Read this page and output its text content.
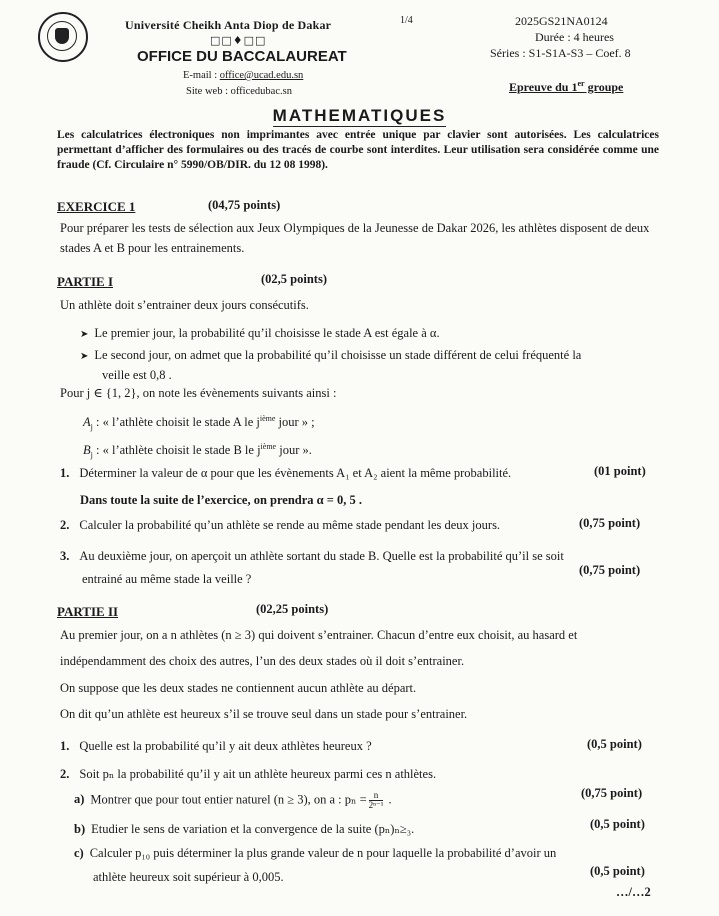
Université Cheikh Anta Diop de Dakar
□□♦□□
OFFICE DU BACCALAUREAT
E-mail : office@ucad.edu.sn
Site web : officedubac.sn
1/4	2025GS21NA0124
Durée : 4 heures
Séries : S1-S1A-S3 – Coef. 8
Epreuve du 1er groupe
MATHEMATIQUES
Les calculatrices électroniques non imprimantes avec entrée unique par clavier sont autorisées. Les calculatrices permettant d’afficher des formulaires ou des tracés de courbe sont interdites. Leur utilisation sera considérée comme une fraude (Cf. Circulaire n° 5990/OB/DIR. du 12 08 1998).
EXERCICE 1	(04,75 points)
Pour préparer les tests de sélection aux Jeux Olympiques de la Jeunesse de Dakar 2026, les athlètes disposent de deux stades A et B pour les entrainements.
PARTIE I	(02,5 points)
Un athlète doit s’entrainer deux jours consécutifs.
➤ Le premier jour, la probabilité qu’il choisisse le stade A est égale à α.
➤ Le second jour, on admet que la probabilité qu’il choisisse un stade différent de celui fréquenté la
veille est 0,8 .
Pour j ∈ {1, 2}, on note les évènements suivants ainsi :
$A_j$ : « l’athlète choisit le stade A le $j^{ième}$ jour » ;
$B_j$ : « l’athlète choisit le stade B le $j^{ième}$ jour ».
1. Déterminer la valeur de α pour que les évènements A₁ et A₂ aient la même probabilité.	(01 point)
Dans toute la suite de l’exercice, on prendra α = 0, 5 .
2. Calculer la probabilité qu’un athlète se rende au même stade pendant les deux jours.	(0,75 point)
3. Au deuxième jour, on aperçoit un athlète sortant du stade B. Quelle est la probabilité qu’il se soit
entrainé au même stade la veille ?
(0,75 point)
PARTIE II	(02,25 points)
Au premier jour, on a n athlètes (n ≥ 3) qui doivent s’entrainer. Chacun d’entre eux choisit, au hasard et
indépendamment des choix des autres, l’un des deux stades où il doit s’entrainer.
On suppose que les deux stades ne contiennent aucun athlète au départ.
On dit qu’un athlète est heureux s’il se trouve seul dans un stade pour s’entrainer.
1. Quelle est la probabilité qu’il y ait deux athlètes heureux ?	(0,5 point)
2. Soit pₙ la probabilité qu’il y ait un athlète heureux parmi ces n athlètes.
a) Montrer que pour tout entier naturel (n ≥ 3), on a : $p_n = \frac{n}{\text{2ⁿ⁻¹}}$ .	(0,75 point)
b) Etudier le sens de variation et la convergence de la suite (pₙ)ₙ≥₃.	(0,5 point)
c) Calculer p₁₀ puis déterminer la plus grande valeur de n pour laquelle la probabilité d’avoir un
athlète heureux soit supérieur à 0,005.	(0,5 point)
…/…2
